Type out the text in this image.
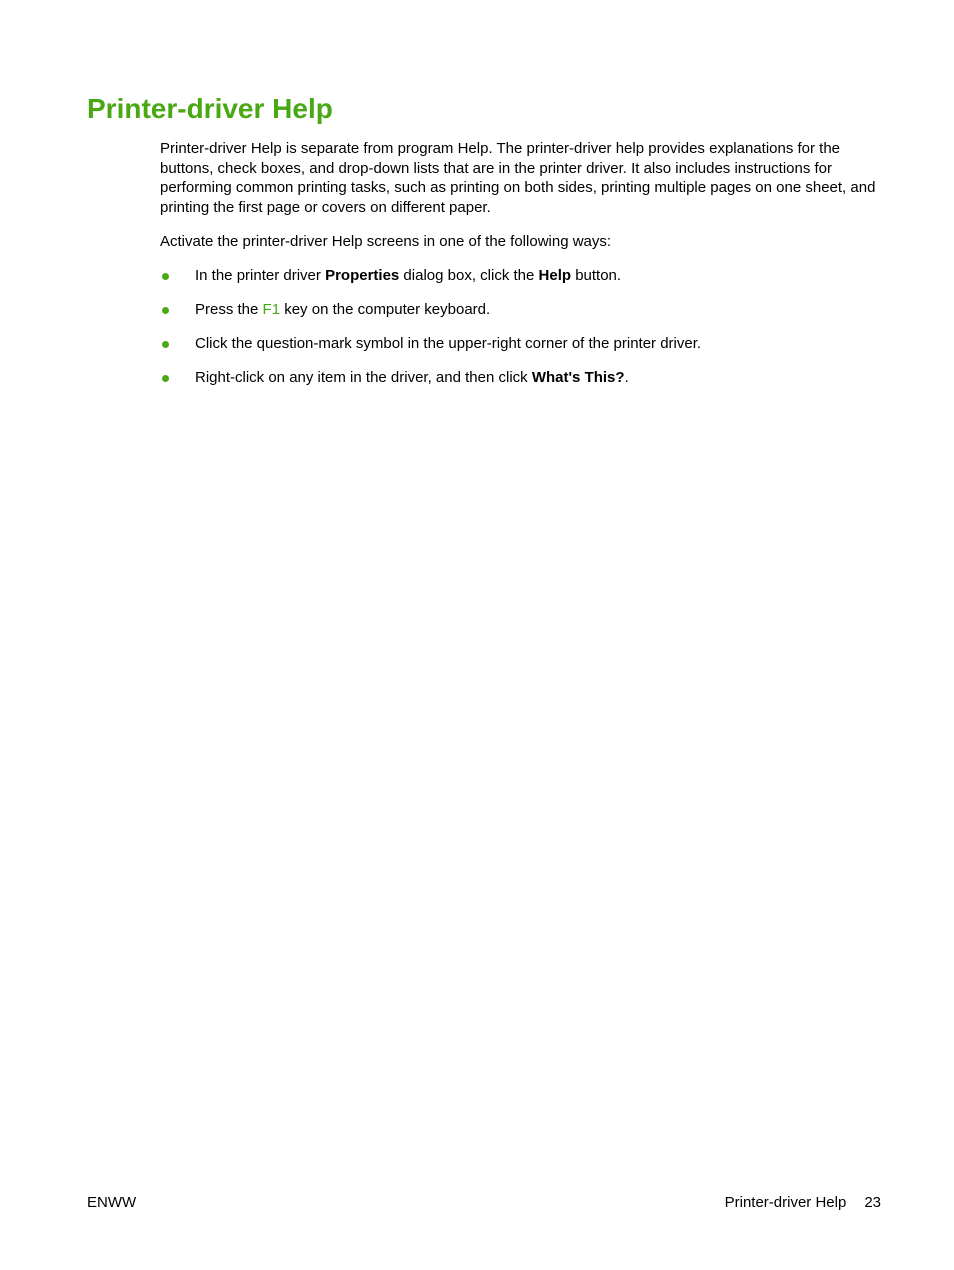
Printer-driver Help

Printer-driver Help is separate from program Help. The printer-driver help provides explanations for the buttons, check boxes, and drop-down lists that are in the printer driver. It also includes instructions for performing common printing tasks, such as printing on both sides, printing multiple pages on one sheet, and printing the first page or covers on different paper.

Activate the printer-driver Help screens in one of the following ways:

In the printer driver Properties dialog box, click the Help button.
Press the F1 key on the computer keyboard.
Click the question-mark symbol in the upper-right corner of the printer driver.
Right-click on any item in the driver, and then click What's This?.
ENWW	Printer-driver Help 23
